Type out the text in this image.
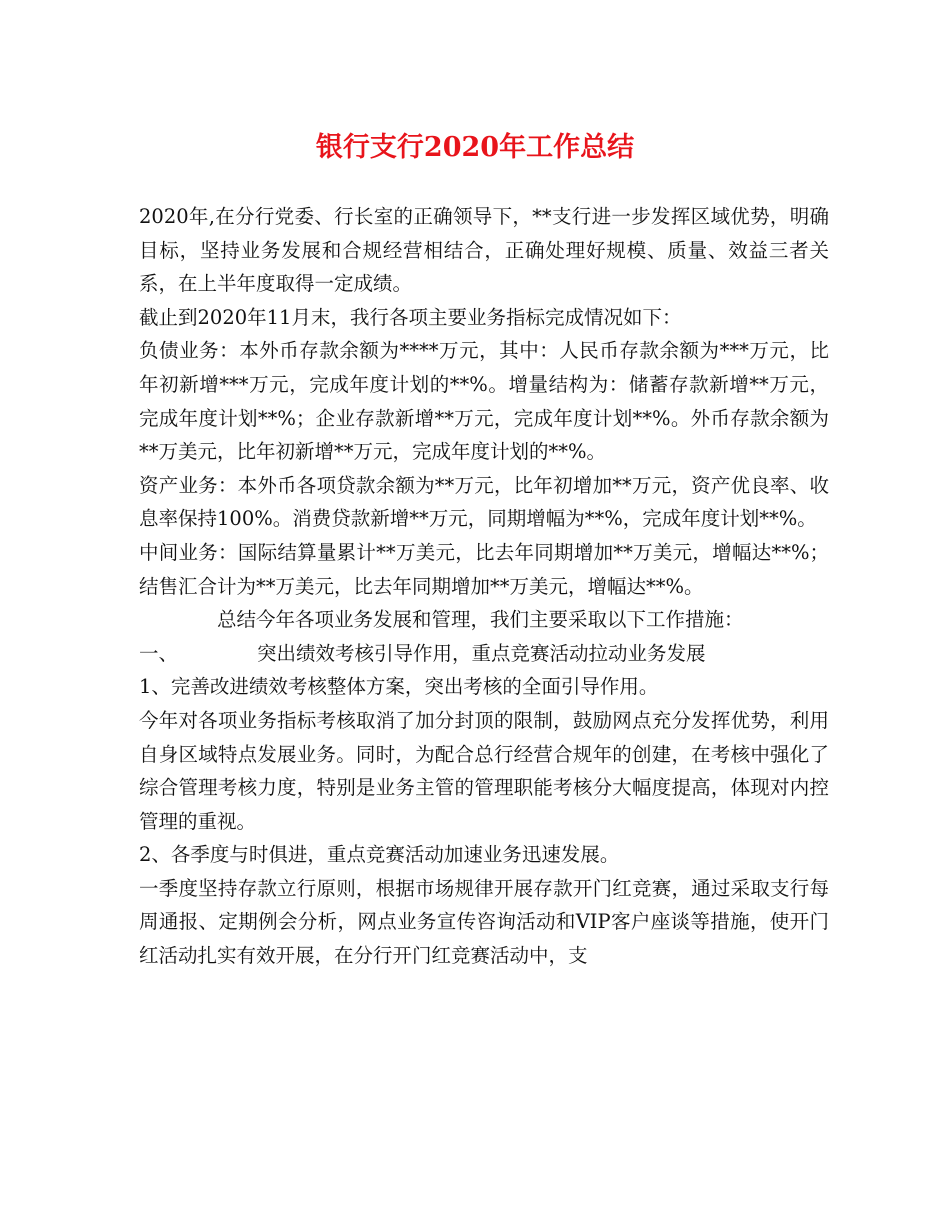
银行支行2020年工作总结

2020年,在分行党委、行长室的正确领导下，**支行进一步发挥区域优势，明确目标，坚持业务发展和合规经营相结合，正确处理好规模、质量、效益三者关系，在上半年度取得一定成绩。

截止到2020年11月末，我行各项主要业务指标完成情况如下：

负债业务：本外币存款余额为****万元，其中：人民币存款余额为***万元，比年初新增***万元，完成年度计划的**%。增量结构为：储蓄存款新增**万元，完成年度计划**%；企业存款新增**万元，完成年度计划**%。外币存款余额为**万美元，比年初新增**万元，完成年度计划的**%。

资产业务：本外币各项贷款余额为**万元，比年初增加**万元，资产优良率、收息率保持100%。消费贷款新增**万元，同期增幅为**%，完成年度计划**%。

中间业务：国际结算量累计**万美元，比去年同期增加**万美元，增幅达**%；结售汇合计为**万美元，比去年同期增加**万美元，增幅达**%。

总结今年各项业务发展和管理，我们主要采取以下工作措施：

一、	突出绩效考核引导作用，重点竞赛活动拉动业务发展

1、完善改进绩效考核整体方案，突出考核的全面引导作用。

今年对各项业务指标考核取消了加分封顶的限制，鼓励网点充分发挥优势，利用自身区域特点发展业务。同时，为配合总行经营合规年的创建，在考核中强化了综合管理考核力度，特别是业务主管的管理职能考核分大幅度提高，体现对内控管理的重视。

2、各季度与时俱进，重点竞赛活动加速业务迅速发展。

一季度坚持存款立行原则，根据市场规律开展存款开门红竞赛，通过采取支行每周通报、定期例会分析，网点业务宣传咨询活动和VIP客户座谈等措施，使开门红活动扎实有效开展，在分行开门红竞赛活动中，支
